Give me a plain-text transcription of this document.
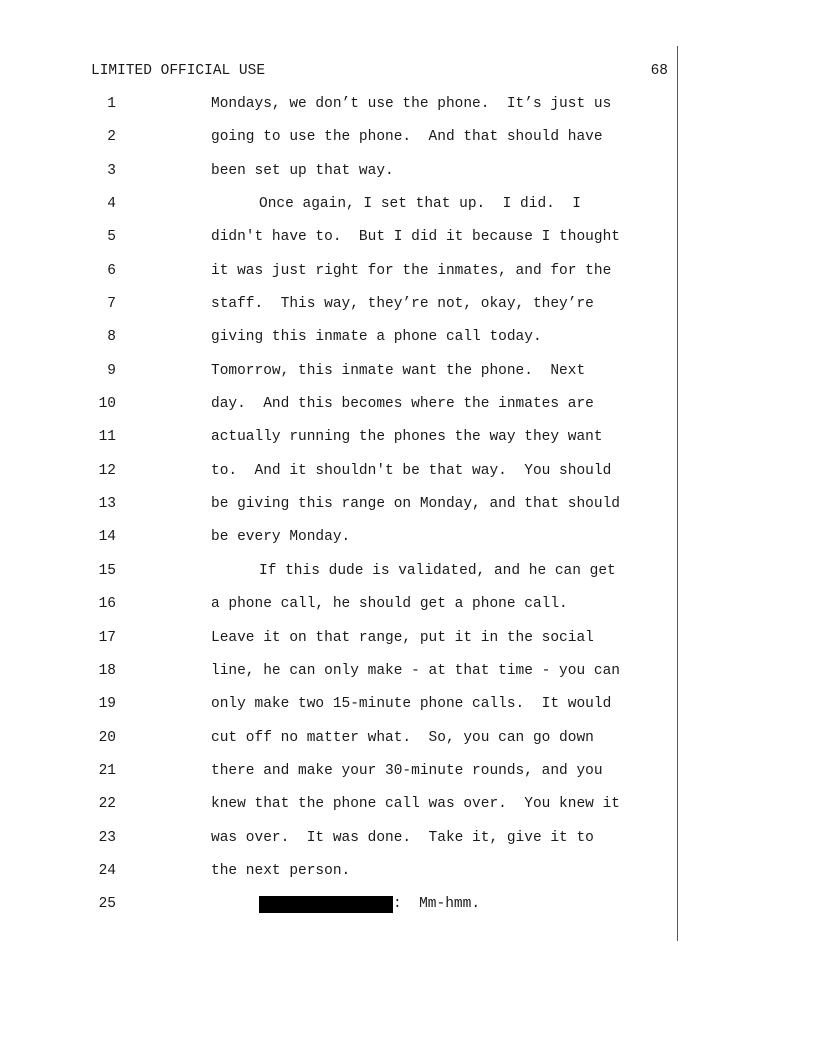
LIMITED OFFICIAL USE	68
1	Mondays, we don’t use the phone.  It’s just us
2	going to use the phone.  And that should have
3	been set up that way.
4	Once again, I set that up.  I did.  I
5	didn't have to.  But I did it because I thought
6	it was just right for the inmates, and for the
7	staff.  This way, they’re not, okay, they’re
8	giving this inmate a phone call today.
9	Tomorrow, this inmate want the phone.  Next
10	day.  And this becomes where the inmates are
11	actually running the phones the way they want
12	to.  And it shouldn't be that way.  You should
13	be giving this range on Monday, and that should
14	be every Monday.
15	If this dude is validated, and he can get
16	a phone call, he should get a phone call.
17	Leave it on that range, put it in the social
18	line, he can only make - at that time - you can
19	only make two 15-minute phone calls.  It would
20	cut off no matter what.  So, you can go down
21	there and make your 30-minute rounds, and you
22	knew that the phone call was over.  You knew it
23	was over.  It was done.  Take it, give it to
24	the next person.
25	:  Mm-hmm.
